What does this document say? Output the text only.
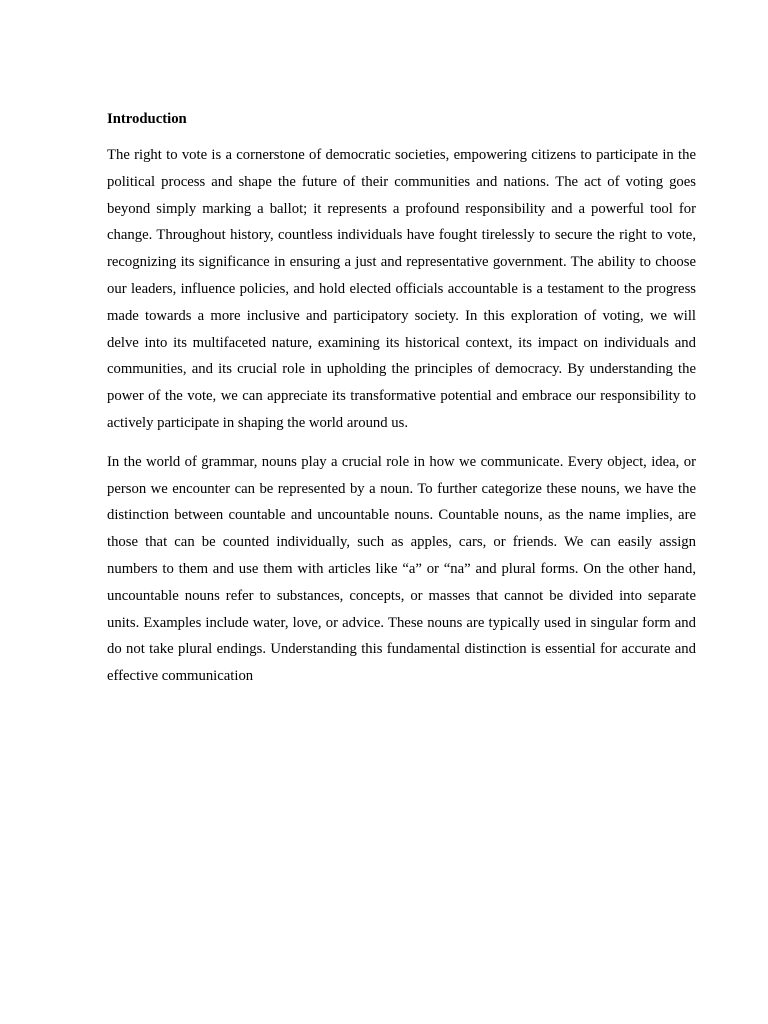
Introduction

The right to vote is a cornerstone of democratic societies, empowering citizens to participate in the political process and shape the future of their communities and nations. The act of voting goes beyond simply marking a ballot; it represents a profound responsibility and a powerful tool for change. Throughout history, countless individuals have fought tirelessly to secure the right to vote, recognizing its significance in ensuring a just and representative government. The ability to choose our leaders, influence policies, and hold elected officials accountable is a testament to the progress made towards a more inclusive and participatory society. In this exploration of voting, we will delve into its multifaceted nature, examining its historical context, its impact on individuals and communities, and its crucial role in upholding the principles of democracy. By understanding the power of the vote, we can appreciate its transformative potential and embrace our responsibility to actively participate in shaping the world around us.

In the world of grammar, nouns play a crucial role in how we communicate. Every object, idea, or person we encounter can be represented by a noun. To further categorize these nouns, we have the distinction between countable and uncountable nouns. Countable nouns, as the name implies, are those that can be counted individually, such as apples, cars, or friends. We can easily assign numbers to them and use them with articles like “a” or “na” and plural forms. On the other hand, uncountable nouns refer to substances, concepts, or masses that cannot be divided into separate units. Examples include water, love, or advice. These nouns are typically used in singular form and do not take plural endings. Understanding this fundamental distinction is essential for accurate and effective communication
